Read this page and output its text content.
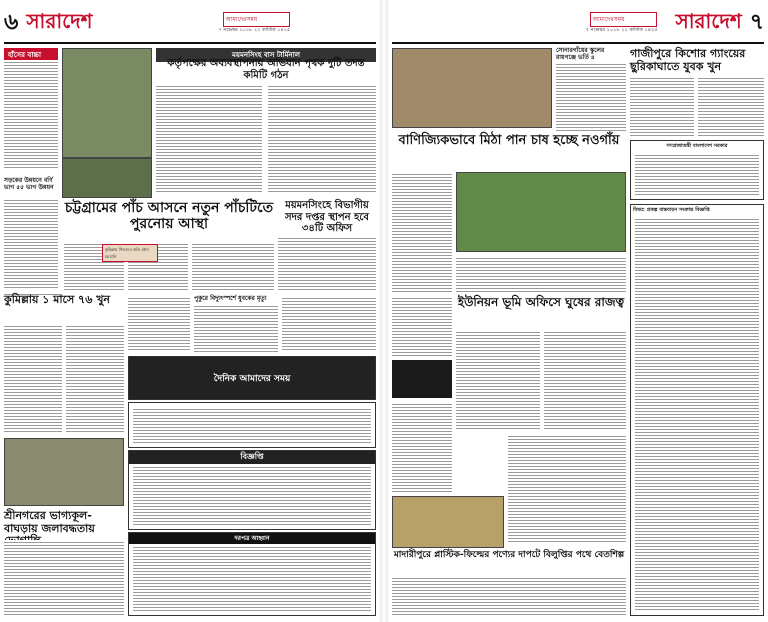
৬ সারাদেশ	আমাদেরসময়
৭ নভেম্বর ২০১৮ ২২ কার্তিক ১৪২৫
হাঁসের বাচ্চা	ময়মনসিংহ বাস টার্মিনাল
কর্তৃপক্ষের অব্যবস্থাপনায় অভিযান পৃথক দুটি তদন্ত কমিটি গঠন
সড়কের উন্নয়নে বর্ণি ভাগ ৫৫ ভাগ উন্নয়ন
চট্টগ্রামের পাঁচ আসনে নতুন পাঁচটিতে পুরনোয় আস্থা
ময়মনসিংহে বিভাগীয় সদর দপ্তর স্থাপন হবে ৩৪টি অফিস
কুমিল্লায় শিশুদের প্রতি যৌন হয়রানি
কুমিল্লায় ১ মাসে ৭৬ খুন	পুকুরে বিদ্যুৎস্পর্শে যুবকের মৃত্যু
দৈনিক আমাদের সময়
বিজ্ঞপ্তি
শ্রীনগরের ভাগ্যকূল-বাঘড়ায় জলাবদ্ধতায়
দরপত্র আহ্বান
আমাদেরসময়
৭ নভেম্বর ২০১৮ ২২ কার্তিক ১৪২৫ সারাদেশ ৭
সোনারগাঁয়ের স্কুলের রায়গঞ্জে ভর্তি ৪	গাজীপুরে কিশোর গ্যাংয়ের ছুরিকাঘাতে যুবক খুন
বাণিজ্যিকভাবে মিঠা পান চাষ হচ্ছে নওগাঁয়	গণপ্রজাতন্ত্রী বাংলাদেশ সরকার
বিষয়: প্রকল্প বাস্তবায়ন সংক্রান্ত বিজ্ঞপ্তি
ইউনিয়ন ভূমি অফিসে ঘুষের রাজত্ব
মাদারীপুরে প্লাস্টিক-ফিল্মের পণ্যের দাপটে বিলুপ্তির পথে বেতশিল্প
